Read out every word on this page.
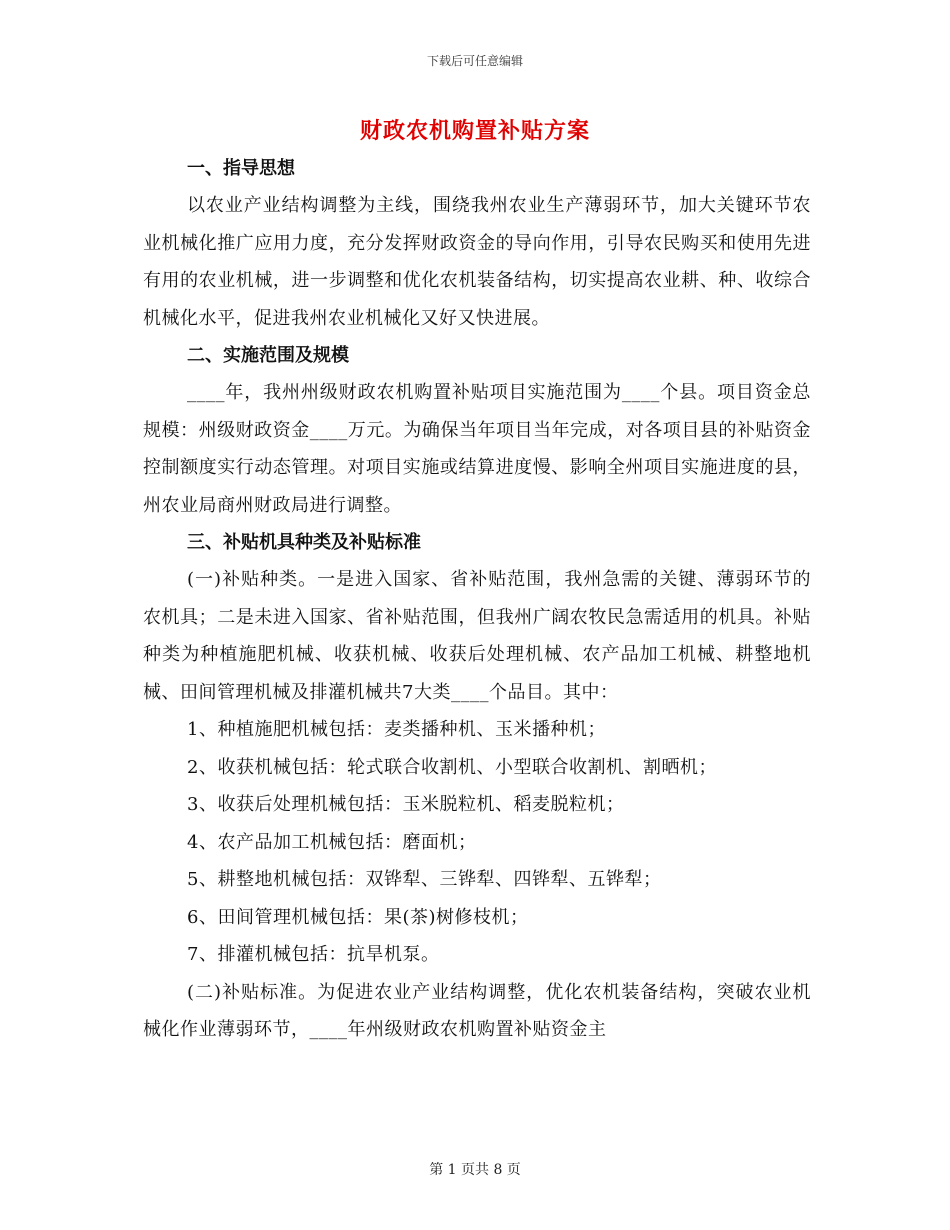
下载后可任意编辑
财政农机购置补贴方案

一、指导思想

以农业产业结构调整为主线，围绕我州农业生产薄弱环节，加大关键环节农业机械化推广应用力度，充分发挥财政资金的导向作用，引导农民购买和使用先进有用的农业机械，进一步调整和优化农机装备结构，切实提高农业耕、种、收综合机械化水平，促进我州农业机械化又好又快进展。

二、实施范围及规模

____年，我州州级财政农机购置补贴项目实施范围为____个县。项目资金总规模：州级财政资金____万元。为确保当年项目当年完成，对各项目县的补贴资金控制额度实行动态管理。对项目实施或结算进度慢、影响全州项目实施进度的县，州农业局商州财政局进行调整。

三、补贴机具种类及补贴标准

(一)补贴种类。一是进入国家、省补贴范围，我州急需的关键、薄弱环节的农机具；二是未进入国家、省补贴范围，但我州广阔农牧民急需适用的机具。补贴种类为种植施肥机械、收获机械、收获后处理机械、农产品加工机械、耕整地机械、田间管理机械及排灌机械共7大类____个品目。其中：

1、种植施肥机械包括：麦类播种机、玉米播种机；

2、收获机械包括：轮式联合收割机、小型联合收割机、割晒机；

3、收获后处理机械包括：玉米脱粒机、稻麦脱粒机；

4、农产品加工机械包括：磨面机；

5、耕整地机械包括：双铧犁、三铧犁、四铧犁、五铧犁；

6、田间管理机械包括：果(茶)树修枝机；

7、排灌机械包括：抗旱机泵。

(二)补贴标准。为促进农业产业结构调整，优化农机装备结构，突破农业机械化作业薄弱环节，____年州级财政农机购置补贴资金主

第 1 页共 8 页
